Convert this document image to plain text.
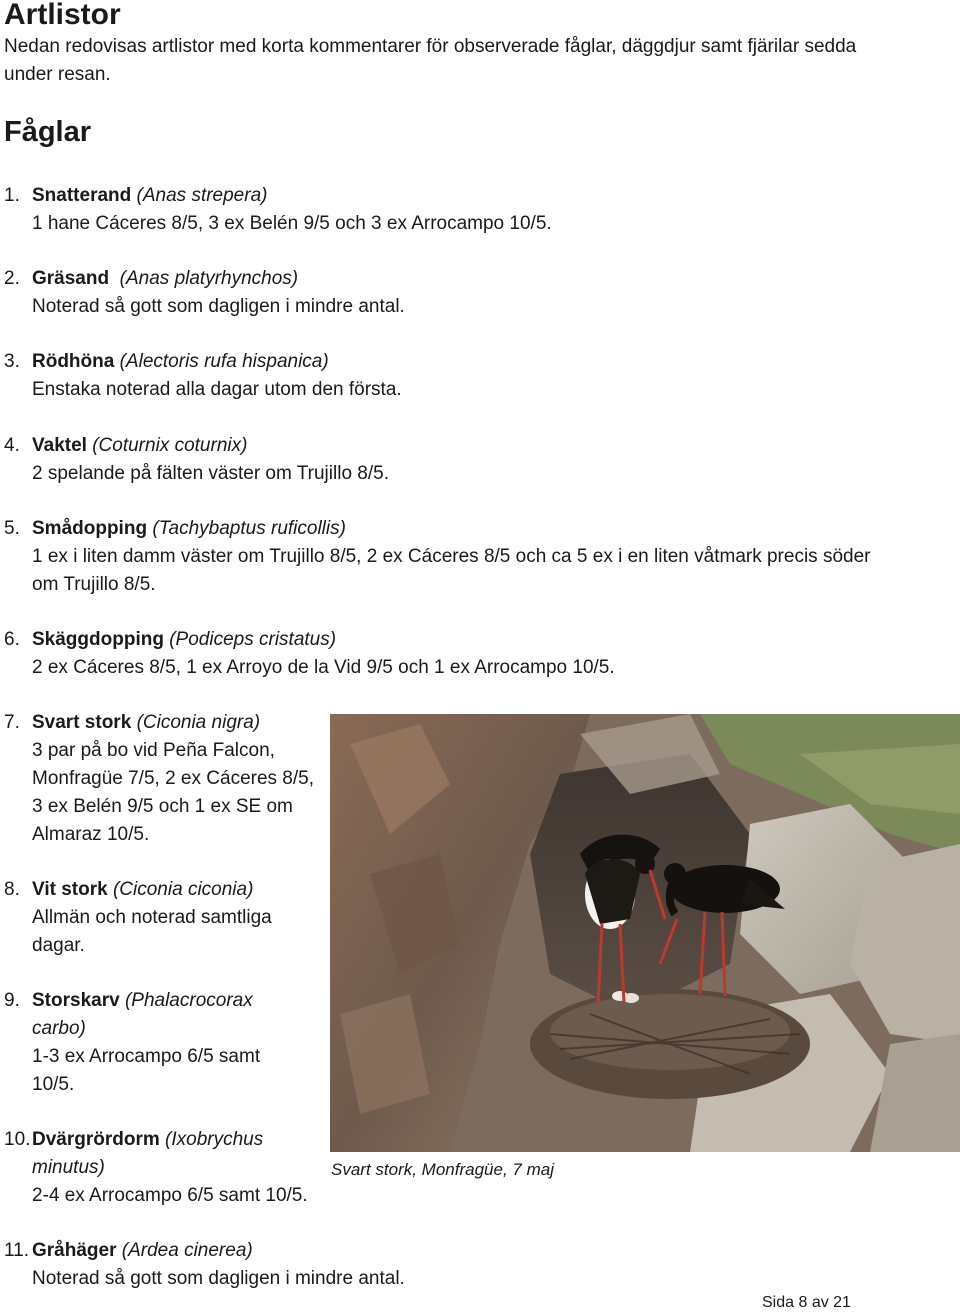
Artlistor

Nedan redovisas artlistor med korta kommentarer för observerade fåglar, däggdjur samt fjärilar sedda under resan.

Fåglar
1. Snatterand (Anas strepera)
1 hane Cáceres 8/5, 3 ex Belén 9/5 och 3 ex Arrocampo 10/5.
2. Gräsand (Anas platyrhynchos)
Noterad så gott som dagligen i mindre antal.
3. Rödhöna (Alectoris rufa hispanica)
Enstaka noterad alla dagar utom den första.
4. Vaktel (Coturnix coturnix)
2 spelande på fälten väster om Trujillo 8/5.
5. Smådopping (Tachybaptus ruficollis)
1 ex i liten damm väster om Trujillo 8/5, 2 ex Cáceres 8/5 och ca 5 ex i en liten våtmark precis söder om Trujillo 8/5.
6. Skäggdopping (Podiceps cristatus)
2 ex Cáceres 8/5, 1 ex Arroyo de la Vid 9/5 och 1 ex Arrocampo 10/5.
7. Svart stork (Ciconia nigra)
3 par på bo vid Peña Falcon, Monfragüe 7/5, 2 ex Cáceres 8/5, 3 ex Belén 9/5 och 1 ex SE om Almaraz 10/5.
8. Vit stork (Ciconia ciconia)
Allmän och noterad samtliga dagar.
9. Storskarv (Phalacrocorax carbo)
1-3 ex Arrocampo 6/5 samt 10/5.
10. Dvärgrördorm (Ixobrychus minutus)
2-4 ex Arrocampo 6/5 samt 10/5.
11. Gråhäger (Ardea cinerea)
Noterad så gott som dagligen i mindre antal.
Svart stork, Monfragüe, 7 maj
Sida 8 av 21
